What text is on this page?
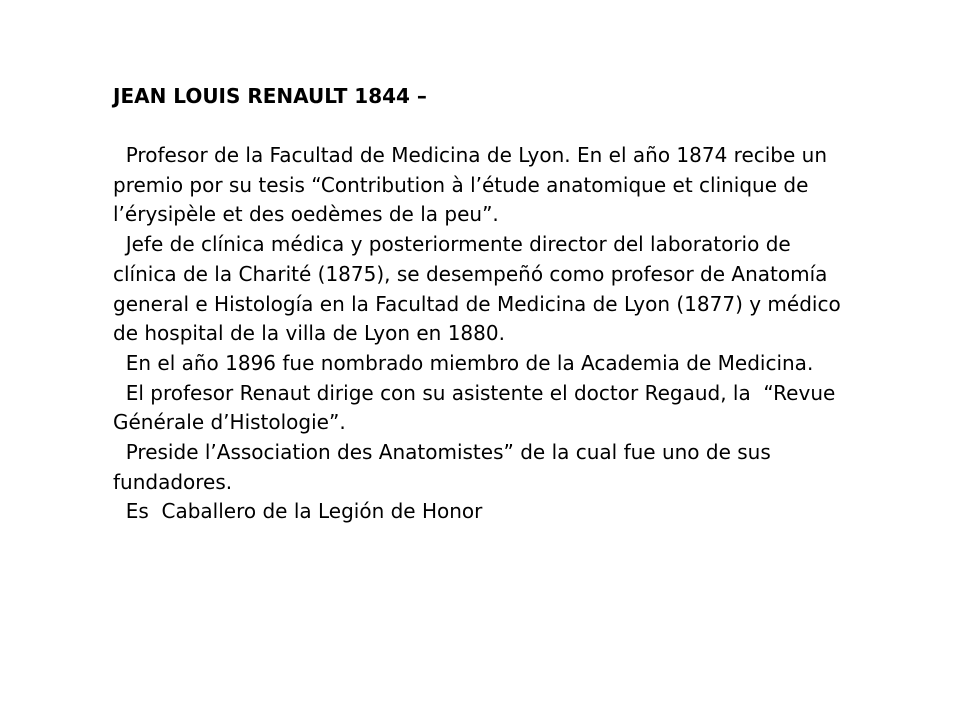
JEAN LOUIS RENAULT 1844 –

Profesor de la Facultad de Medicina de Lyon. En el año 1874 recibe un  premio por su tesis “Contribution à l’étude anatomique et clinique de l’érysipèle et des oedèmes de la peu”.

Jefe de clínica médica y posteriormente director del laboratorio de clínica de la Charité (1875), se desempeñó como profesor de Anatomía general e Histología en la Facultad de Medicina de Lyon (1877) y médico de hospital de la villa de Lyon en 1880.

En el año 1896 fue nombrado miembro de la Academia de Medicina.

El profesor Renaut dirige con su asistente el doctor Regaud, la  “Revue Générale d’Histologie”.

Preside l’Association des Anatomistes” de la cual fue uno de sus fundadores.

Es  Caballero de la Legión de Honor
